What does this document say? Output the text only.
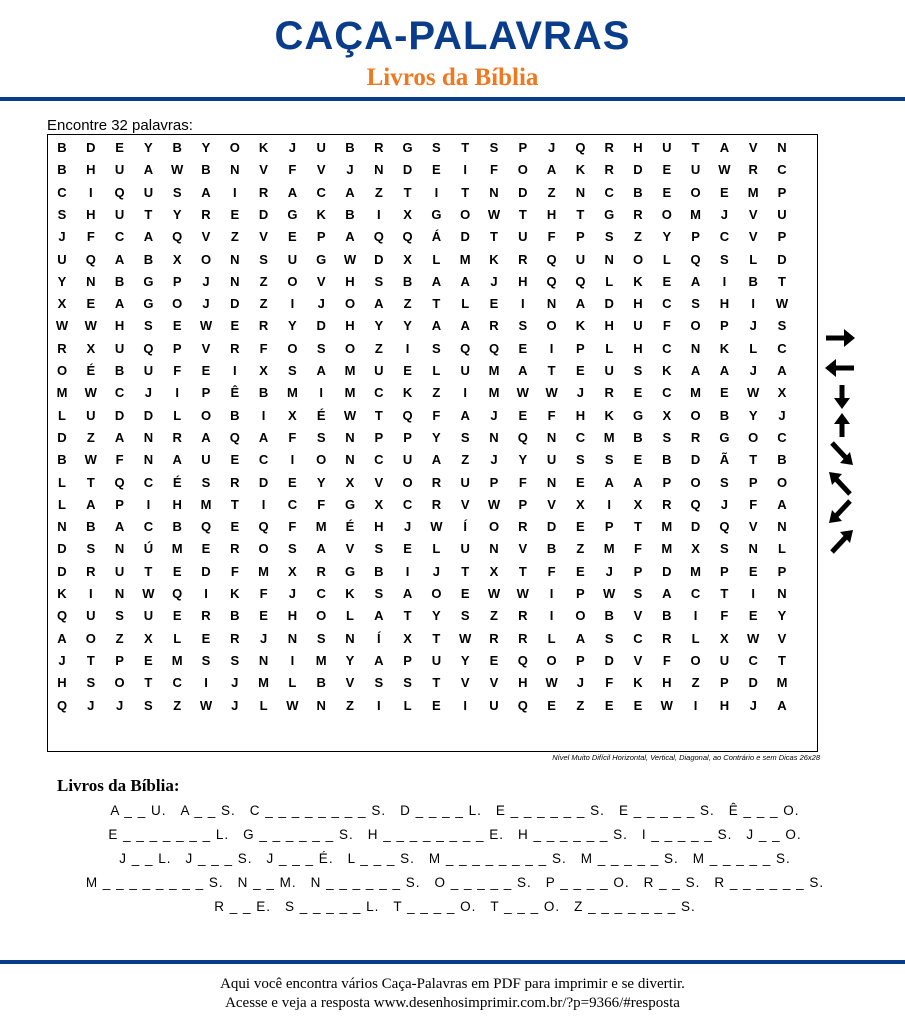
CAÇA-PALAVRAS
Livros da Bíblia
Encontre 32 palavras:
B	D	E	Y	B	Y	O	K	J	U	B	R	G	S	T	S	P	J	Q	R	H	U	T	A	V	N
B	H	U	A	W	B	N	V	F	V	J	N	D	E	I	F	O	A	K	R	D	E	U	W	R	C
C	I	Q	U	S	A	I	R	A	C	A	Z	T	I	T	N	D	Z	N	C	B	E	O	E	M	P
S	H	U	T	Y	R	E	D	G	K	B	I	X	G	O	W	T	H	T	G	R	O	M	J	V	U
J	F	C	A	Q	V	Z	V	E	P	A	Q	Q	Á	D	T	U	F	P	S	Z	Y	P	C	V	P
U	Q	A	B	X	O	N	S	U	G	W	D	X	L	M	K	R	Q	U	N	O	L	Q	S	L	D
Y	N	B	G	P	J	N	Z	O	V	H	S	B	A	A	J	H	Q	Q	L	K	E	A	I	B	T
X	E	A	G	O	J	D	Z	I	J	O	A	Z	T	L	E	I	N	A	D	H	C	S	H	I	W
W	W	H	S	E	W	E	R	Y	D	H	Y	Y	A	A	R	S	O	K	H	U	F	O	P	J	S
R	X	U	Q	P	V	R	F	O	S	O	Z	I	S	Q	Q	E	I	P	L	H	C	N	K	L	C
O	É	B	U	F	E	I	X	S	A	M	U	E	L	U	M	A	T	E	U	S	K	A	A	J	A
M	W	C	J	I	P	Ê	B	M	I	M	C	K	Z	I	M	W	W	J	R	E	C	M	E	W	X
L	U	D	D	L	O	B	I	X	É	W	T	Q	F	A	J	E	F	H	K	G	X	O	B	Y	J
D	Z	A	N	R	A	Q	A	F	S	N	P	P	Y	S	N	Q	N	C	M	B	S	R	G	O	C
B	W	F	N	A	U	E	C	I	O	N	C	U	A	Z	J	Y	U	S	S	E	B	D	Ã	T	B
L	T	Q	C	É	S	R	D	E	Y	X	V	O	R	U	P	F	N	E	A	A	P	O	S	P	O
L	A	P	I	H	M	T	I	C	F	G	X	C	R	V	W	P	V	X	I	X	R	Q	J	F	A
N	B	A	C	B	Q	E	Q	F	M	É	H	J	W	Í	O	R	D	E	P	T	M	D	Q	V	N
D	S	N	Ú	M	E	R	O	S	A	V	S	E	L	U	N	V	B	Z	M	F	M	X	S	N	L
D	R	U	T	E	D	F	M	X	R	G	B	I	J	T	X	T	F	E	J	P	D	M	P	E	P
K	I	N	W	Q	I	K	F	J	C	K	S	A	O	E	W	W	I	P	W	S	A	C	T	I	N
Q	U	S	U	E	R	B	E	H	O	L	A	T	Y	S	Z	R	I	O	B	V	B	I	F	E	Y
A	O	Z	X	L	E	R	J	N	S	N	Í	X	T	W	R	R	L	A	S	C	R	L	X	W	V
J	T	P	E	M	S	S	N	I	M	Y	A	P	U	Y	E	Q	O	P	D	V	F	O	U	C	T
H	S	O	T	C	I	J	M	L	B	V	S	S	T	V	V	H	W	J	F	K	H	Z	P	D	M
Q	J	J	S	Z	W	J	L	W	N	Z	I	L	E	I	U	Q	E	Z	E	E	W	I	H	J	A
Nível Muito Difícil Horizontal, Vertical, Diagonal, ao Contrário e sem Dicas 26x28
Livros da Bíblia:
A _ _ U. A _ _ S. C _ _ _ _ _ _ _ _ S. D _ _ _ _ L. E _ _ _ _ _ _ S. E _ _ _ _ _ S. Ê _ _ _ O.
E _ _ _ _ _ _ _ L. G _ _ _ _ _ _ S. H _ _ _ _ _ _ _ _ E. H _ _ _ _ _ _ S. I _ _ _ _ _ S. J _ _ O.
J _ _ L. J _ _ _ S. J _ _ _ É. L _ _ _ S. M _ _ _ _ _ _ _ _ S. M _ _ _ _ _ S. M _ _ _ _ _ S.
M _ _ _ _ _ _ _ _ S. N _ _ M. N _ _ _ _ _ _ S. O _ _ _ _ _ S. P _ _ _ _ O. R _ _ S. R _ _ _ _ _ _ S.
R _ _ E. S _ _ _ _ _ L. T _ _ _ _ O. T _ _ _ O. Z _ _ _ _ _ _ _ S.
Aqui você encontra vários Caça-Palavras em PDF para imprimir e se divertir.
Acesse e veja a resposta www.desenhosimprimir.com.br/?p=9366/#resposta
